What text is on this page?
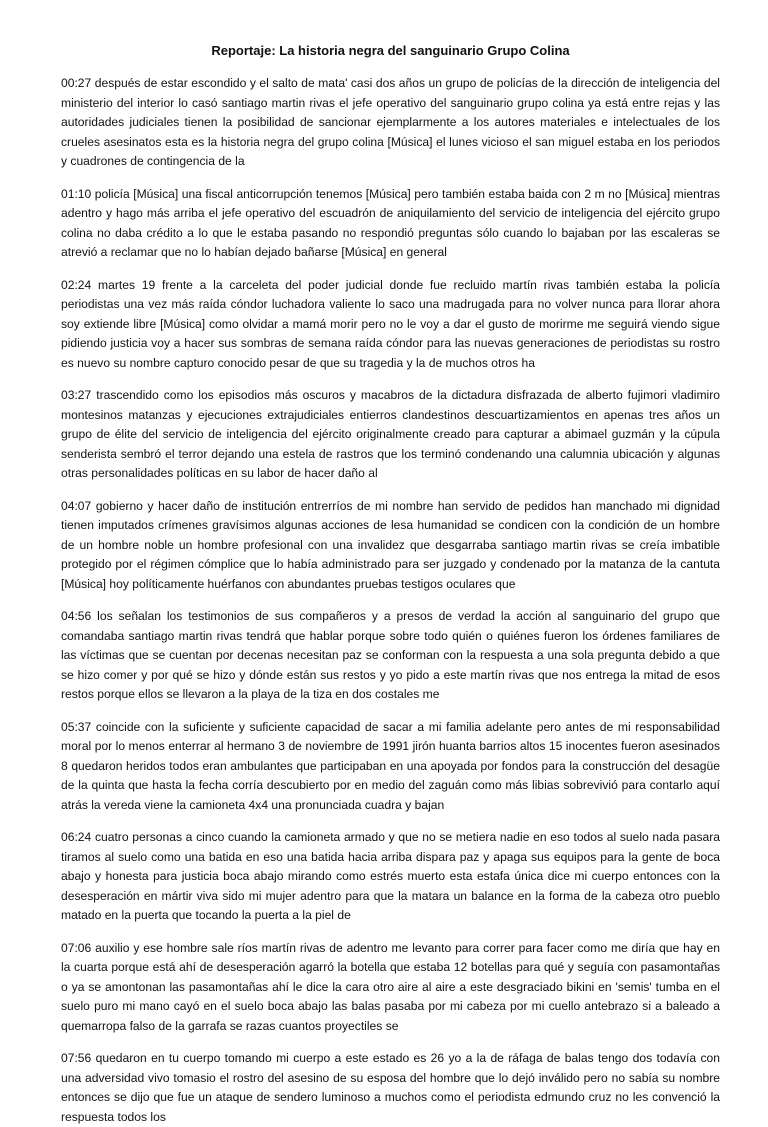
Reportaje: La historia negra del sanguinario Grupo Colina

00:27 después de estar escondido y el salto de mata' casi dos años un grupo de policías de la dirección de inteligencia del ministerio del interior lo casó santiago martin rivas el jefe operativo del sanguinario grupo colina ya está entre rejas y las autoridades judiciales tienen la posibilidad de sancionar ejemplarmente a los autores materiales e intelectuales de los crueles asesinatos esta es la historia negra del grupo colina [Música] el lunes vicioso el san miguel estaba en los periodos y cuadrones de contingencia de la

01:10 policía [Música] una fiscal anticorrupción tenemos [Música] pero también estaba baida con 2 m no [Música] mientras adentro y hago más arriba el jefe operativo del escuadrón de aniquilamiento del servicio de inteligencia del ejército grupo colina no daba crédito a lo que le estaba pasando no respondió preguntas sólo cuando lo bajaban por las escaleras se atrevió a reclamar que no lo habían dejado bañarse [Música] en general

02:24 martes 19 frente a la carceleta del poder judicial donde fue recluido martín rivas también estaba la policía periodistas una vez más raída cóndor luchadora valiente lo saco una madrugada para no volver nunca para llorar ahora soy extiende libre [Música] como olvidar a mamá morir pero no le voy a dar el gusto de morirme me seguirá viendo sigue pidiendo justicia voy a hacer sus sombras de semana raída cóndor para las nuevas generaciones de periodistas su rostro es nuevo su nombre capturo conocido pesar de que su tragedia y la de muchos otros ha

03:27 trascendido como los episodios más oscuros y macabros de la dictadura disfrazada de alberto fujimori vladimiro montesinos matanzas y ejecuciones extrajudiciales entierros clandestinos descuartizamientos en apenas tres años un grupo de élite del servicio de inteligencia del ejército originalmente creado para capturar a abimael guzmán y la cúpula senderista sembró el terror dejando una estela de rastros que los terminó condenando una calumnia ubicación y algunas otras personalidades políticas en su labor de hacer daño al

04:07 gobierno y hacer daño de institución entrerríos de mi nombre han servido de pedidos han manchado mi dignidad tienen imputados crímenes gravísimos algunas acciones de lesa humanidad se condicen con la condición de un hombre de un hombre noble un hombre profesional con una invalidez que desgarraba santiago martin rivas se creía imbatible protegido por el régimen cómplice que lo había administrado para ser juzgado y condenado por la matanza de la cantuta [Música] hoy políticamente huérfanos con abundantes pruebas testigos oculares que

04:56 los señalan los testimonios de sus compañeros y a presos de verdad la acción al sanguinario del grupo que comandaba santiago martin rivas tendrá que hablar porque sobre todo quién o quiénes fueron los órdenes familiares de las víctimas que se cuentan por decenas necesitan paz se conforman con la respuesta a una sola pregunta debido a que se hizo comer y por qué se hizo y dónde están sus restos y yo pido a este martín rivas que nos entrega la mitad de esos restos porque ellos se llevaron a la playa de la tiza en dos costales me

05:37 coincide con la suficiente y suficiente capacidad de sacar a mi familia adelante pero antes de mi responsabilidad moral por lo menos enterrar al hermano 3 de noviembre de 1991 jirón huanta barrios altos 15 inocentes fueron asesinados 8 quedaron heridos todos eran ambulantes que participaban en una apoyada por fondos para la construcción del desagüe de la quinta que hasta la fecha corría descubierto por en medio del zaguán como más libias sobrevivió para contarlo aquí atrás la vereda viene la camioneta 4x4 una pronunciada cuadra y bajan

06:24 cuatro personas a cinco cuando la camioneta armado y que no se metiera nadie en eso todos al suelo nada pasara tiramos al suelo como una batida en eso una batida hacia arriba dispara paz y apaga sus equipos para la gente de boca abajo y honesta para justicia boca abajo mirando como estrés muerto esta estafa única dice mi cuerpo entonces con la desesperación en mártir viva sido mi mujer adentro para que la matara un balance en la forma de la cabeza otro pueblo matado en la puerta que tocando la puerta a la piel de

07:06 auxilio y ese hombre sale ríos martín rivas de adentro me levanto para correr para facer como me diría que hay en la cuarta porque está ahí de desesperación agarró la botella que estaba 12 botellas para qué y seguía con pasamontañas o ya se amontonan las pasamontañas ahí le dice la cara otro aire al aire a este desgraciado bikini en 'semis' tumba en el suelo puro mi mano cayó en el suelo boca abajo las balas pasaba por mi cabeza por mi cuello antebrazo si a baleado a quemarropa falso de la garrafa se razas cuantos proyectiles se

07:56 quedaron en tu cuerpo tomando mi cuerpo a este estado es 26 yo a la de ráfaga de balas tengo dos todavía con una adversidad vivo tomasio el rostro del asesino de su esposa del hombre que lo dejó inválido pero no sabía su nombre entonces se dijo que fue un ataque de sendero luminoso a muchos como el periodista edmundo cruz no les convenció la respuesta todos los
